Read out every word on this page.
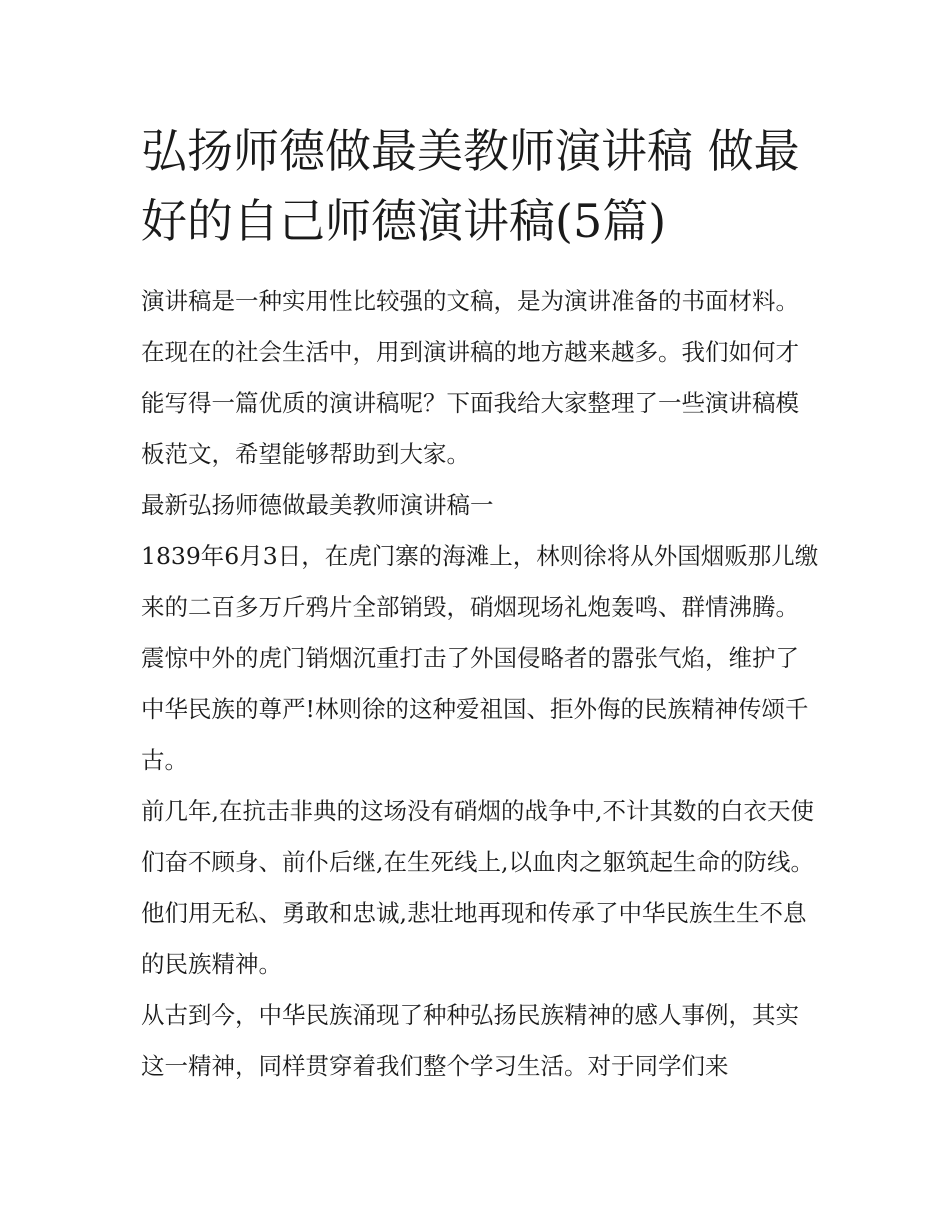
弘扬师德做最美教师演讲稿 做最好的自己师德演讲稿(5篇)

演讲稿是一种实用性比较强的文稿，是为演讲准备的书面材料。在现在的社会生活中，用到演讲稿的地方越来越多。我们如何才能写得一篇优质的演讲稿呢？下面我给大家整理了一些演讲稿模板范文，希望能够帮助到大家。

最新弘扬师德做最美教师演讲稿一

1839年6月3日，在虎门寨的海滩上，林则徐将从外国烟贩那儿缴来的二百多万斤鸦片全部销毁，硝烟现场礼炮轰鸣、群情沸腾。震惊中外的虎门销烟沉重打击了外国侵略者的嚣张气焰，维护了中华民族的尊严!林则徐的这种爱祖国、拒外侮的民族精神传颂千古。

前几年,在抗击非典的这场没有硝烟的战争中,不计其数的白衣天使们奋不顾身、前仆后继,在生死线上,以血肉之躯筑起生命的防线。他们用无私、勇敢和忠诚,悲壮地再现和传承了中华民族生生不息的民族精神。

从古到今，中华民族涌现了种种弘扬民族精神的感人事例，其实这一精神，同样贯穿着我们整个学习生活。对于同学们来
